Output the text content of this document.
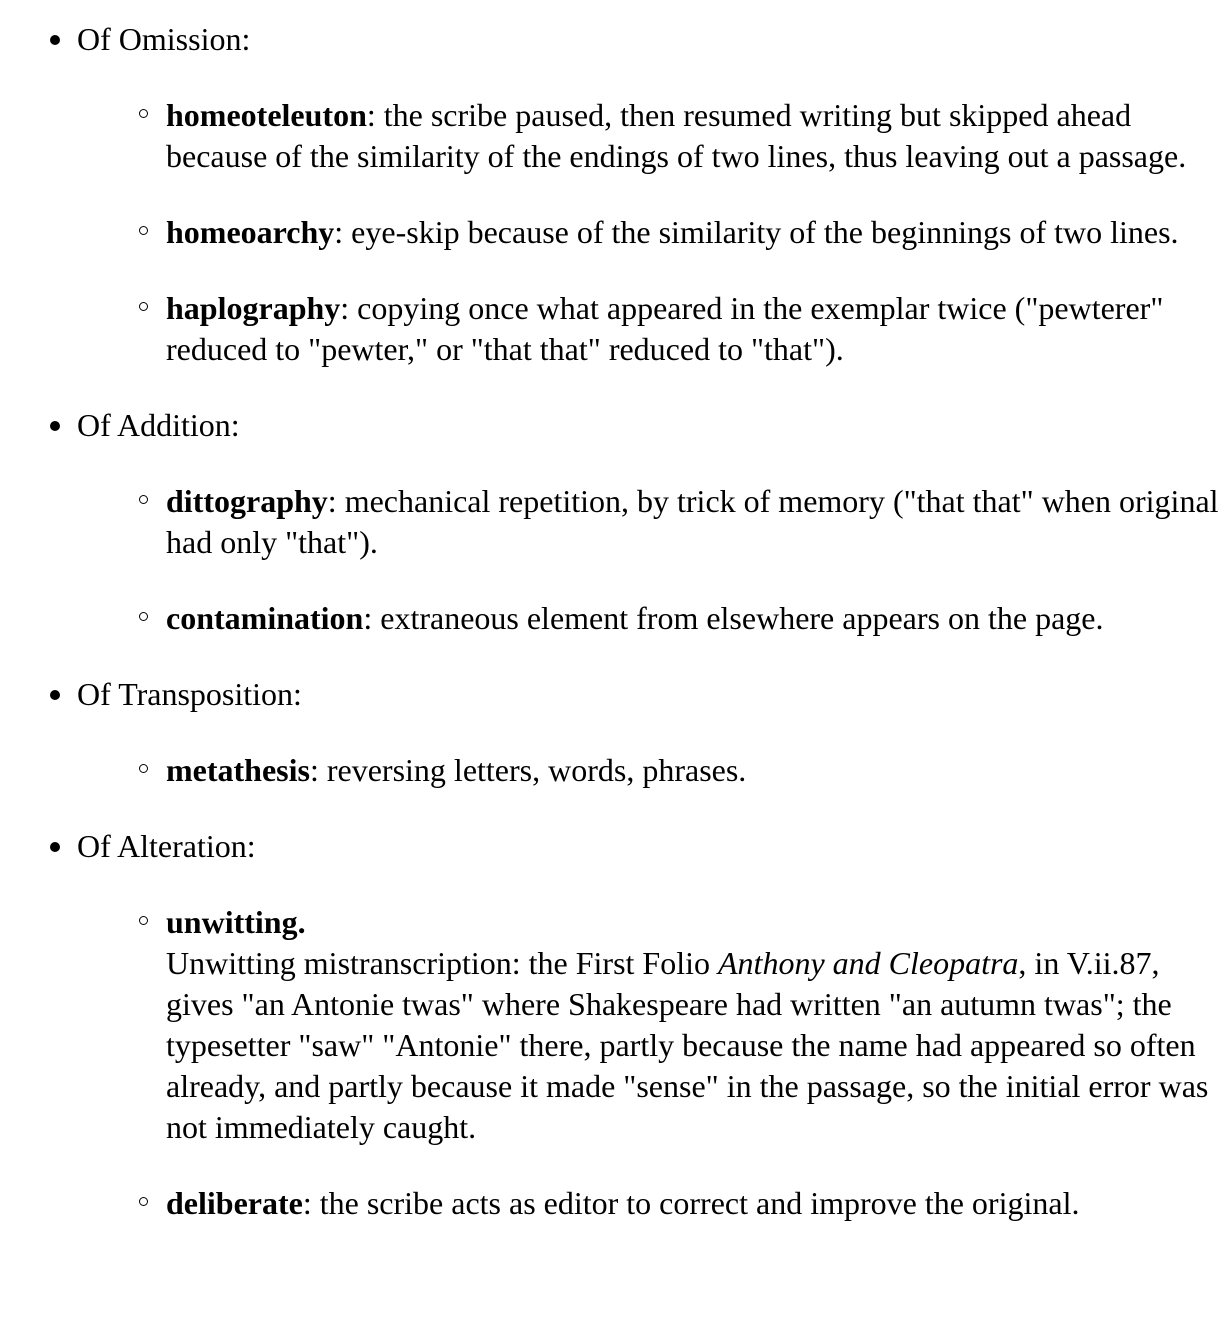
Of Omission:
homeoteleuton: the scribe paused, then resumed writing but skipped ahead because of the similarity of the endings of two lines, thus leaving out a passage.
homeoarchy: eye-skip because of the similarity of the beginnings of two lines.
haplography: copying once what appeared in the exemplar twice ("pewterer" reduced to "pewter," or "that that" reduced to "that").
Of Addition:
dittography: mechanical repetition, by trick of memory ("that that" when original had only "that").
contamination: extraneous element from elsewhere appears on the page.
Of Transposition:
metathesis: reversing letters, words, phrases.
Of Alteration:
unwitting.
Unwitting mistranscription: the First Folio Anthony and Cleopatra, in V.ii.87, gives "an Antonie twas" where Shakespeare had written "an autumn twas"; the typesetter "saw" "Antonie" there, partly because the name had appeared so often already, and partly because it made "sense" in the passage, so the initial error was not immediately caught.
deliberate: the scribe acts as editor to correct and improve the original.
